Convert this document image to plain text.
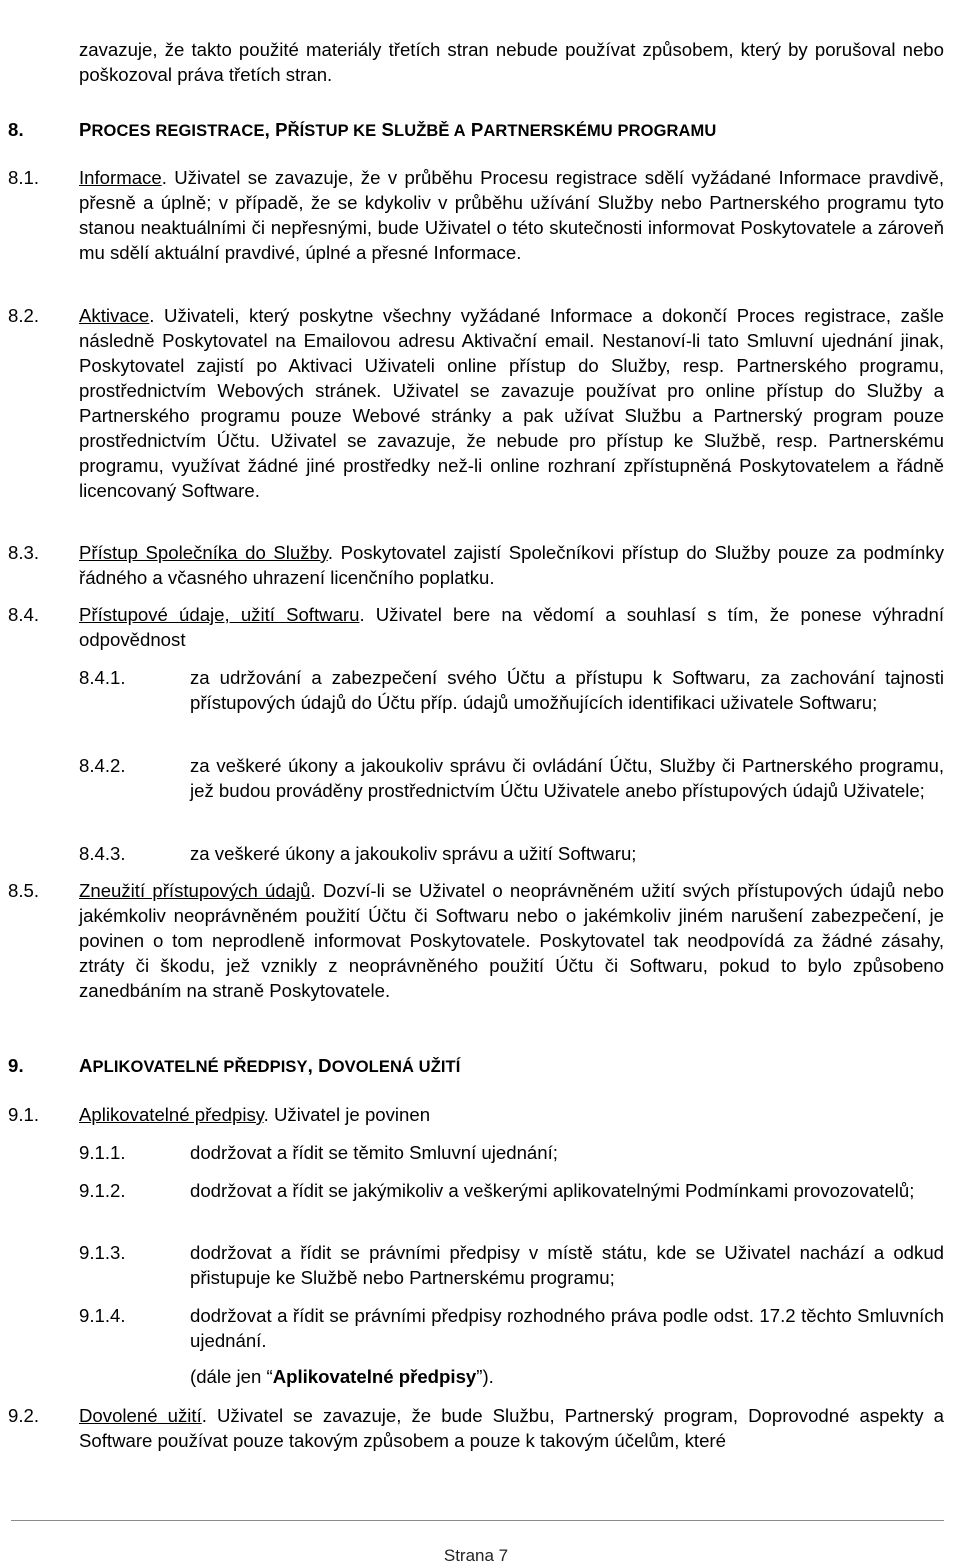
zavazuje, že takto použité materiály třetích stran nebude používat způsobem, který by porušoval nebo poškozoval práva třetích stran.

8.	PROCES REGISTRACE, PŘÍSTUP KE SLUŽBĚ A PARTNERSKÉMU PROGRAMU
8.1. Informace. Uživatel se zavazuje, že v průběhu Procesu registrace sdělí vyžádané Informace pravdivě, přesně a úplně; v případě, že se kdykoliv v průběhu užívání Služby nebo Partnerského programu tyto stanou neaktuálními či nepřesnými, bude Uživatel o této skutečnosti informovat Poskytovatele a zároveň mu sdělí aktuální pravdivé, úplné a přesné Informace.

8.2. Aktivace. Uživateli, který poskytne všechny vyžádané Informace a dokončí Proces registrace, zašle následně Poskytovatel na Emailovou adresu Aktivační email. Nestanoví-li tato Smluvní ujednání jinak, Poskytovatel zajistí po Aktivaci Uživateli online přístup do Služby, resp. Partnerského programu, prostřednictvím Webových stránek. Uživatel se zavazuje používat pro online přístup do Služby a Partnerského programu pouze Webové stránky a pak užívat Službu a Partnerský program pouze prostřednictvím Účtu. Uživatel se zavazuje, že nebude pro přístup ke Službě, resp. Partnerskému programu, využívat žádné jiné prostředky než-li online rozhraní zpřístupněná Poskytovatelem a řádně licencovaný Software.

8.3. Přístup Společníka do Služby. Poskytovatel zajistí Společníkovi přístup do Služby pouze za podmínky řádného a včasného uhrazení licenčního poplatku.

8.4. Přístupové údaje, užití Softwaru. Uživatel bere na vědomí a souhlasí s tím, že ponese výhradní odpovědnost

8.4.1.	za udržování a zabezpečení svého Účtu a přístupu k Softwaru, za zachování tajnosti přístupových údajů do Účtu příp. údajů umožňujících identifikaci uživatele Softwaru;

8.4.2.	za veškeré úkony a jakoukoliv správu či ovládání Účtu, Služby či Partnerského programu, jež budou prováděny prostřednictvím Účtu Uživatele anebo přístupových údajů Uživatele;

8.4.3.	za veškeré úkony a jakoukoliv správu a užití Softwaru;

8.5. Zneužití přístupových údajů. Dozví-li se Uživatel o neoprávněném užití svých přístupových údajů nebo jakémkoliv neoprávněném použití Účtu či Softwaru nebo o jakémkoliv jiném narušení zabezpečení, je povinen o tom neprodleně informovat Poskytovatele. Poskytovatel tak neodpovídá za žádné zásahy, ztráty či škodu, jež vznikly z neoprávněného použití Účtu či Softwaru, pokud to bylo způsobeno zanedbáním na straně Poskytovatele.

9.	APLIKOVATELNÉ PŘEDPISY, DOVOLENÁ UŽITÍ
9.1. Aplikovatelné předpisy. Uživatel je povinen

9.1.1.	dodržovat a řídit se těmito Smluvní ujednání;

9.1.2.	dodržovat a řídit se jakýmikoliv a veškerými aplikovatelnými Podmínkami provozovatelů;

9.1.3.	dodržovat a řídit se právními předpisy v místě státu, kde se Uživatel nachází a odkud přistupuje ke Službě nebo Partnerskému programu;

9.1.4.	dodržovat a řídit se právními předpisy rozhodného práva podle odst. 17.2 těchto Smluvních ujednání.

(dále jen “Aplikovatelné předpisy”).

9.2. Dovolené užití. Uživatel se zavazuje, že bude Službu, Partnerský program, Doprovodné aspekty a Software používat pouze takovým způsobem a pouze k takovým účelům, které

Strana 7
